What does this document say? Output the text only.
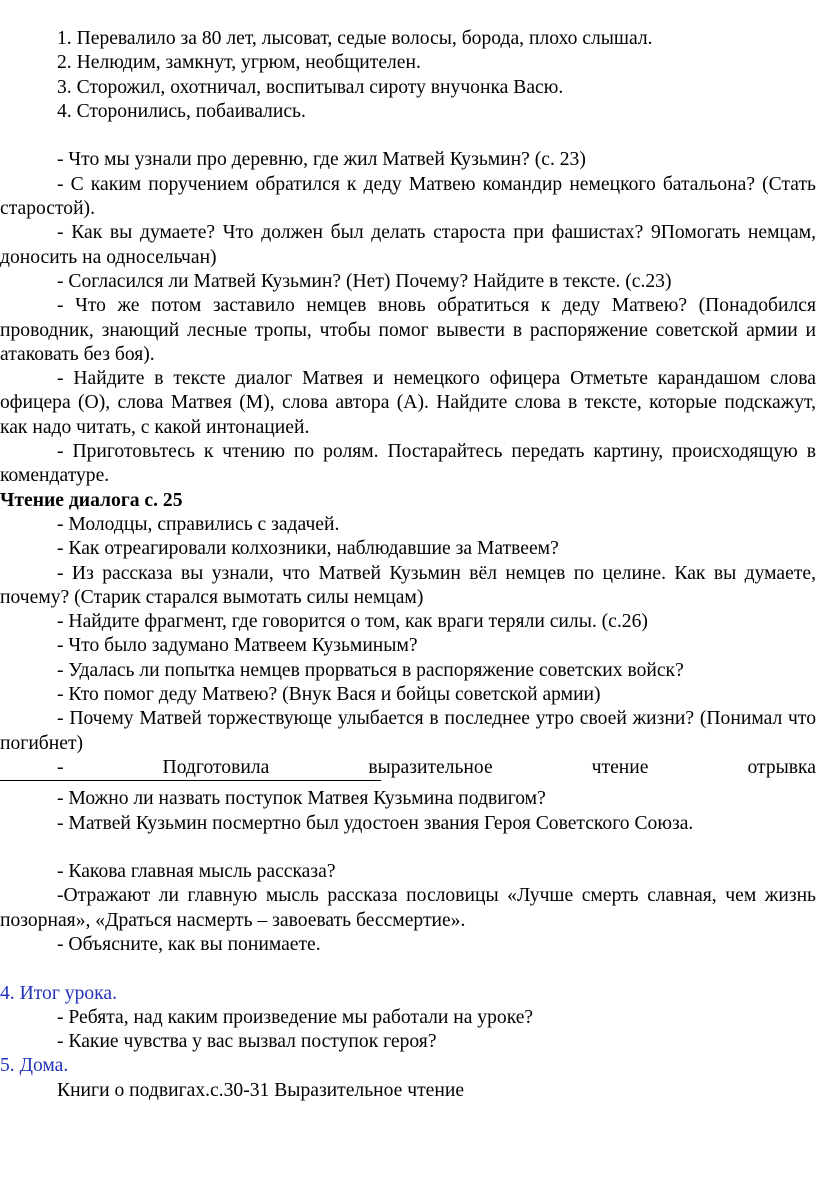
1. Перевалило за 80 лет, лысоват, седые волосы, борода, плохо слышал.

2. Нелюдим, замкнут, угрюм, необщителен.

3. Сторожил, охотничал, воспитывал сироту внучонка Васю.

4. Сторонились, побаивались.

- Что мы узнали про деревню, где жил Матвей Кузьмин? (с. 23)

- С каким поручением обратился к деду Матвею командир немецкого батальона? (Стать старостой).

- Как вы думаете? Что должен был делать староста при фашистах? 9Помогать немцам, доносить на односельчан)

- Согласился ли Матвей Кузьмин? (Нет) Почему? Найдите в тексте. (с.23)

- Что же потом заставило немцев вновь обратиться к деду Матвею? (Понадобился проводник, знающий лесные тропы, чтобы помог вывести в распоряжение советской армии и атаковать без боя).

- Найдите в тексте диалог Матвея и немецкого офицера Отметьте карандашом слова офицера (О), слова Матвея (М), слова автора (А). Найдите слова в тексте, которые подскажут, как надо читать, с какой интонацией.

- Приготовьтесь к чтению по ролям. Постарайтесь передать картину, происходящую в комендатуре.

Чтение диалога с. 25

- Молодцы, справились с задачей.

- Как отреагировали колхозники, наблюдавшие за Матвеем?

- Из рассказа вы узнали, что Матвей Кузьмин вёл немцев по целине. Как вы думаете, почему? (Старик старался вымотать силы немцам)

- Найдите фрагмент, где говорится о том, как враги теряли силы. (с.26)

- Что было задумано Матвеем Кузьминым?

- Удалась ли попытка немцев прорваться в распоряжение советских войск?

- Кто помог деду Матвею? (Внук Вася и бойцы советской армии)

- Почему Матвей торжествующе улыбается в последнее утро своей жизни? (Понимал что погибнет)

-	Подготовила	выразительное	чтение	отрывка

- Можно ли назвать поступок Матвея Кузьмина подвигом?

- Матвей Кузьмин посмертно был удостоен звания Героя Советского Союза.

- Какова главная мысль рассказа?

-Отражают ли главную мысль рассказа пословицы «Лучше смерть славная, чем жизнь позорная», «Драться насмерть – завоевать бессмертие».

- Объясните, как вы понимаете.

4. Итог урока.

- Ребята, над каким произведение мы работали на уроке?

- Какие чувства у вас вызвал поступок героя?

5. Дома.

Книги о подвигах.с.30-31 Выразительное чтение
